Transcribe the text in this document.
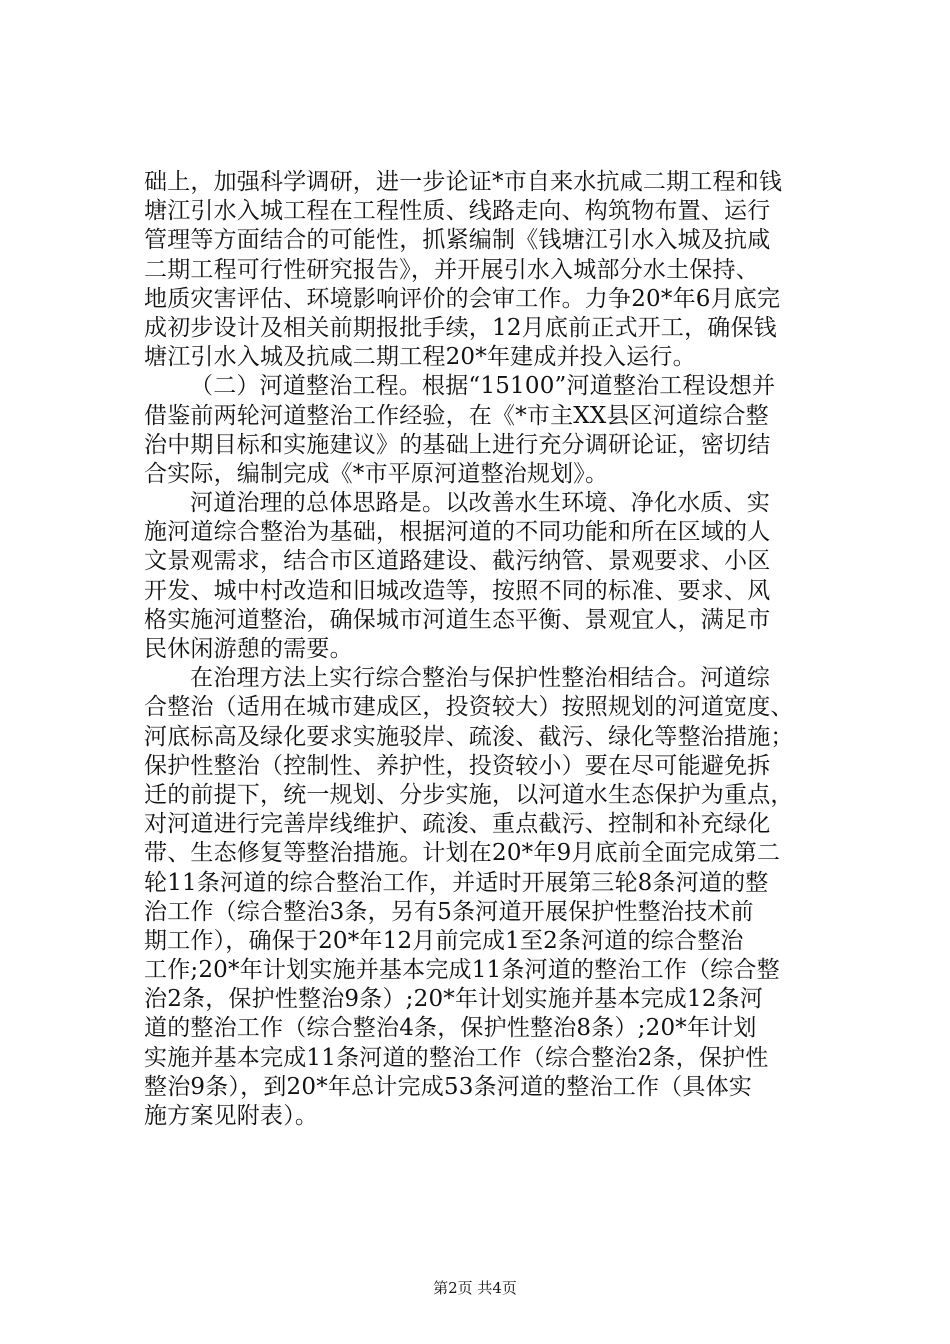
础上，加强科学调研，进一步论证*市自来水抗咸二期工程和钱
塘江引水入城工程在工程性质、线路走向、构筑物布置、运行
管理等方面结合的可能性，抓紧编制《钱塘江引水入城及抗咸
二期工程可行性研究报告》，并开展引水入城部分水土保持、
地质灾害评估、环境影响评价的会审工作。力争20*年6月底完
成初步设计及相关前期报批手续，12月底前正式开工，确保钱
塘江引水入城及抗咸二期工程20*年建成并投入运行。
（二）河道整治工程。根据“15100”河道整治工程设想并
借鉴前两轮河道整治工作经验，在《*市主XX县区河道综合整
治中期目标和实施建议》的基础上进行充分调研论证，密切结
合实际，编制完成《*市平原河道整治规划》。
河道治理的总体思路是。以改善水生环境、净化水质、实
施河道综合整治为基础，根据河道的不同功能和所在区域的人
文景观需求，结合市区道路建设、截污纳管、景观要求、小区
开发、城中村改造和旧城改造等，按照不同的标准、要求、风
格实施河道整治，确保城市河道生态平衡、景观宜人，满足市
民休闲游憩的需要。
在治理方法上实行综合整治与保护性整治相结合。河道综
合整治（适用在城市建成区，投资较大）按照规划的河道宽度、
河底标高及绿化要求实施驳岸、疏浚、截污、绿化等整治措施；
保护性整治（控制性、养护性，投资较小）要在尽可能避免拆
迁的前提下，统一规划、分步实施，以河道水生态保护为重点，
对河道进行完善岸线维护、疏浚、重点截污、控制和补充绿化
带、生态修复等整治措施。计划在20*年9月底前全面完成第二
轮11条河道的综合整治工作，并适时开展第三轮8条河道的整
治工作（综合整治3条，另有5条河道开展保护性整治技术前
期工作），确保于20*年12月前完成1至2条河道的综合整治
工作;20*年计划实施并基本完成11条河道的整治工作（综合整
治2条，保护性整治9条）;20*年计划实施并基本完成12条河
道的整治工作（综合整治4条，保护性整治8条）;20*年计划
实施并基本完成11条河道的整治工作（综合整治2条，保护性
整治9条），到20*年总计完成53条河道的整治工作（具体实
施方案见附表）。
第2页 共4页
